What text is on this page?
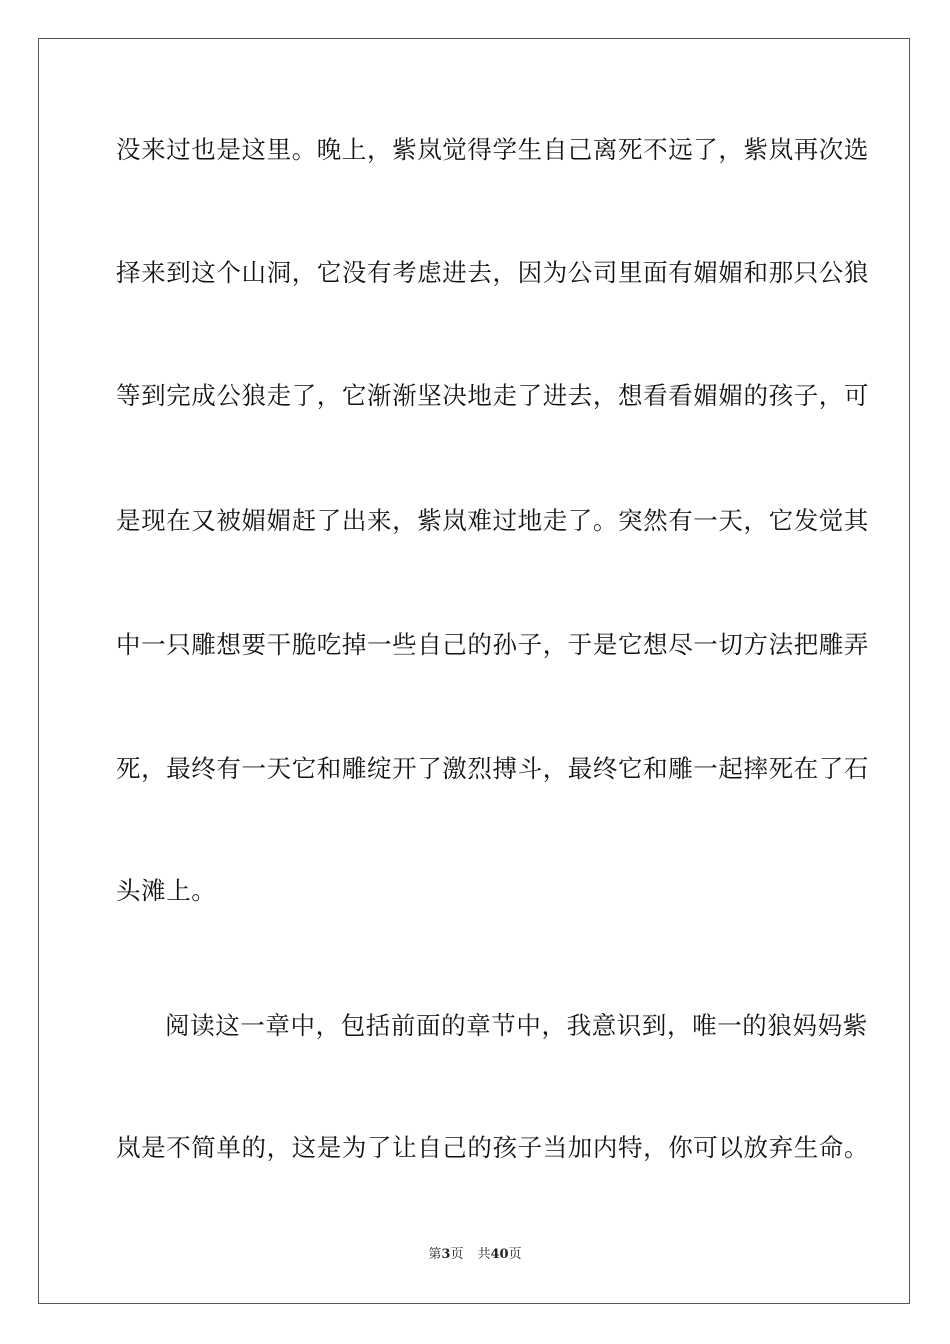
没来过也是这里。晚上，紫岚觉得学生自己离死不远了，紫岚再次选
择来到这个山洞，它没有考虑进去，因为公司里面有媚媚和那只公狼
等到完成公狼走了，它渐渐坚决地走了进去，想看看媚媚的孩子，可
是现在又被媚媚赶了出来，紫岚难过地走了。突然有一天，它发觉其
中一只雕想要干脆吃掉一些自己的孙子，于是它想尽一切方法把雕弄
死，最终有一天它和雕绽开了激烈搏斗，最终它和雕一起摔死在了石
头滩上。
阅读这一章中，包括前面的章节中，我意识到，唯一的狼妈妈紫
岚是不简单的，这是为了让自己的孩子当加内特，你可以放弃生命。
第3页 共40页
